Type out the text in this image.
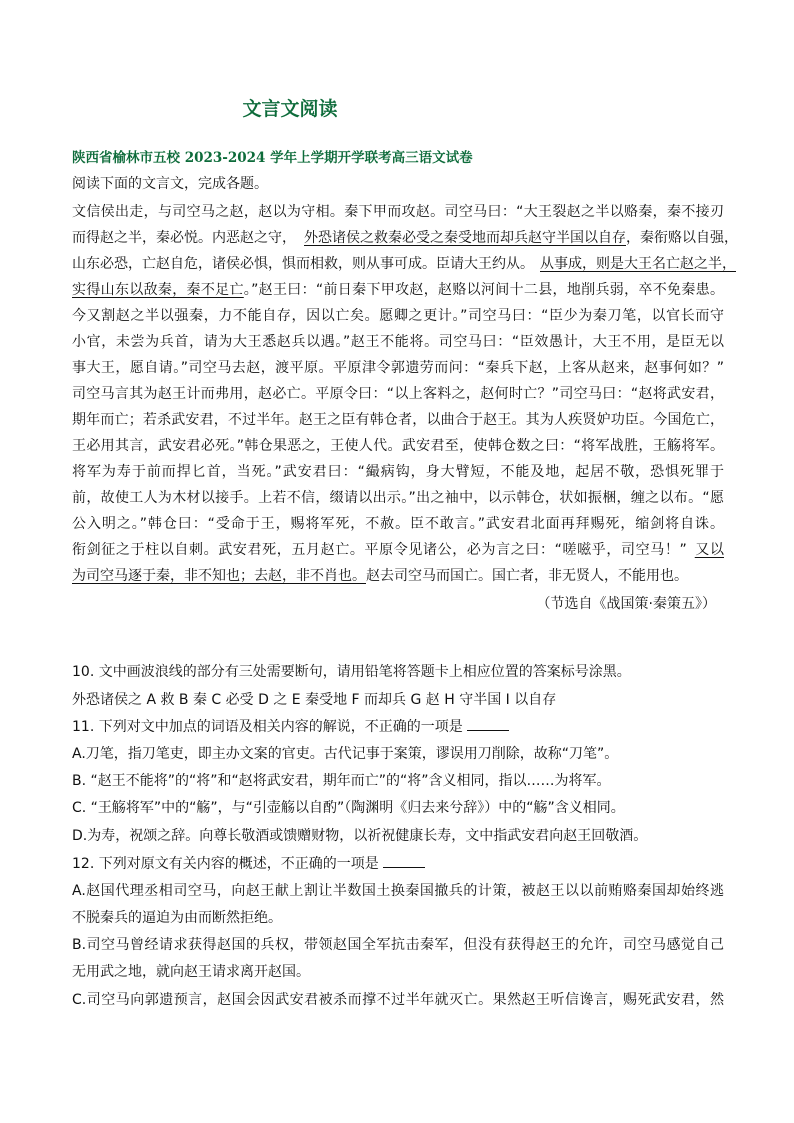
文言文阅读
陕西省榆林市五校 2023-2024 学年上学期开学联考高三语文试卷
阅读下面的文言文，完成各题。
文信侯出走，与司空马之赵，赵以为守相。秦下甲而攻赵。司空马曰：“大王裂赵之半以赂秦，秦不接刃
而得赵之半，秦必悦。内恶赵之守， 外恐诸侯之救秦必受之秦受地而却兵赵守半国以自存，秦衔赂以自强，
山东必恐，亡赵自危，诸侯必惧，惧而相救，则从事可成。臣请大王约从。 从事成，则是大王名亡赵之半，
实得山东以敌秦，秦不足亡。”赵王曰：“前日秦下甲攻赵，赵赂以河间十二县，地削兵弱，卒不免秦患。
今又割赵之半以强秦，力不能自存，因以亡矣。愿卿之更计。”司空马曰：“臣少为秦刀笔，以官长而守
小官，未尝为兵首，请为大王悉赵兵以遇。”赵王不能将。司空马曰：“臣效愚计，大王不用，是臣无以
事大王，愿自请。”司空马去赵，渡平原。平原津令郭遗劳而问：“秦兵下赵，上客从赵来，赵事何如？”
司空马言其为赵王计而弗用，赵必亡。平原令曰：“以上客料之，赵何时亡？”司空马曰：“赵将武安君，
期年而亡；若杀武安君，不过半年。赵王之臣有韩仓者，以曲合于赵王。其为人疾贤妒功臣。今国危亡，
王必用其言，武安君必死。”韩仓果恶之，王使人代。武安君至，使韩仓数之曰：“将军战胜，王觞将军。
将军为寿于前而捍匕首，当死。”武安君曰：“繓病钩，身大臂短，不能及地，起居不敬，恐惧死罪于
前，故使工人为木材以接手。上若不信，缀请以出示。”出之袖中，以示韩仓，状如振梱，缠之以布。“愿
公入明之。”韩仓曰：“受命于王，赐将军死，不赦。臣不敢言。”武安君北面再拜赐死，缩剑将自诛。
衔剑征之于柱以自刺。武安君死，五月赵亡。平原令见诸公，必为言之曰：“嗟嗞乎，司空马！” 又以
为司空马逐于秦，非不知也；去赵，非不肖也。赵去司空马而国亡。国亡者，非无贤人，不能用也。
（节选自《战国策·秦策五》）
10. 文中画波浪线的部分有三处需要断句，请用铅笔将答题卡上相应位置的答案标号涂黑。
外恐诸侯之 A 救 B 秦 C 必受 D 之 E 秦受地 F 而却兵 G 赵 H 守半国 I 以自存
11. 下列对文中加点的词语及相关内容的解说，不正确的一项是
A.刀笔，指刀笔吏，即主办文案的官吏。古代记事于案策，谬误用刀削除，故称“刀笔”。
B. “赵王不能将”的“将”和“赵将武安君，期年而亡”的“将”含义相同，指以……为将军。
C. “王觞将军”中的“觞”，与“引壶觞以自酌”（陶渊明《归去来兮辞》）中的“觞”含义相同。
D.为寿，祝颂之辞。向尊长敬酒或馈赠财物，以祈祝健康长寿，文中指武安君向赵王回敬酒。
12. 下列对原文有关内容的概述，不正确的一项是
A.赵国代理丞相司空马，向赵王献上割让半数国土换秦国撤兵的计策，被赵王以以前贿赂秦国却始终逃
不脱秦兵的逼迫为由而断然拒绝。
B.司空马曾经请求获得赵国的兵权，带领赵国全军抗击秦军，但没有获得赵王的允许，司空马感觉自己
无用武之地，就向赵王请求离开赵国。
C.司空马向郭遗预言，赵国会因武安君被杀而撑不过半年就灭亡。果然赵王听信谗言，赐死武安君，然
